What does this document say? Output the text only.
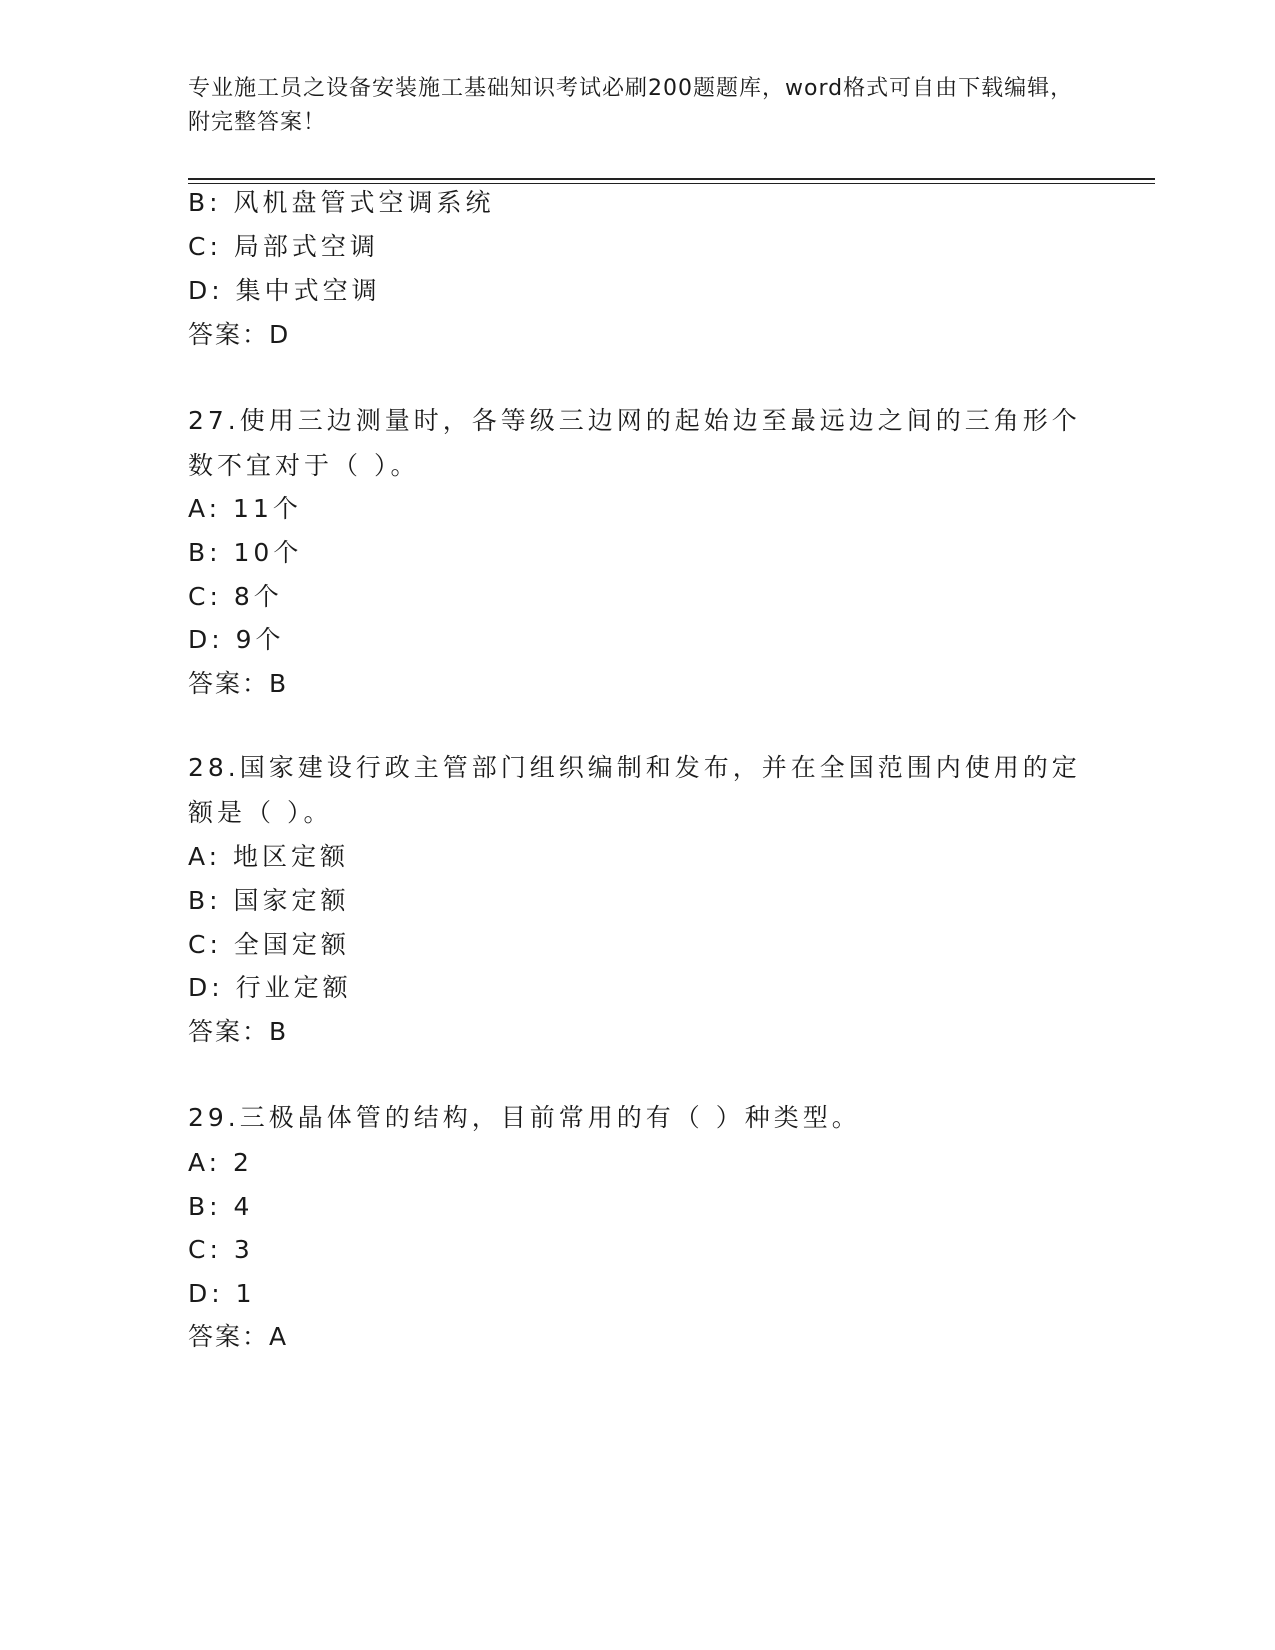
专业施工员之设备安装施工基础知识考试必刷200题题库，word格式可自由下载编辑，附完整答案！
B: 风机盘管式空调系统
C: 局部式空调
D: 集中式空调
答案：D
27.使用三边测量时，各等级三边网的起始边至最远边之间的三角形个数不宜对于（ ）。
A: 11个
B: 10个
C: 8个
D: 9个
答案：B
28.国家建设行政主管部门组织编制和发布，并在全国范围内使用的定额是（ ）。
A: 地区定额
B: 国家定额
C: 全国定额
D: 行业定额
答案：B
29.三极晶体管的结构，目前常用的有（ ）种类型。
A: 2
B: 4
C: 3
D: 1
答案：A
